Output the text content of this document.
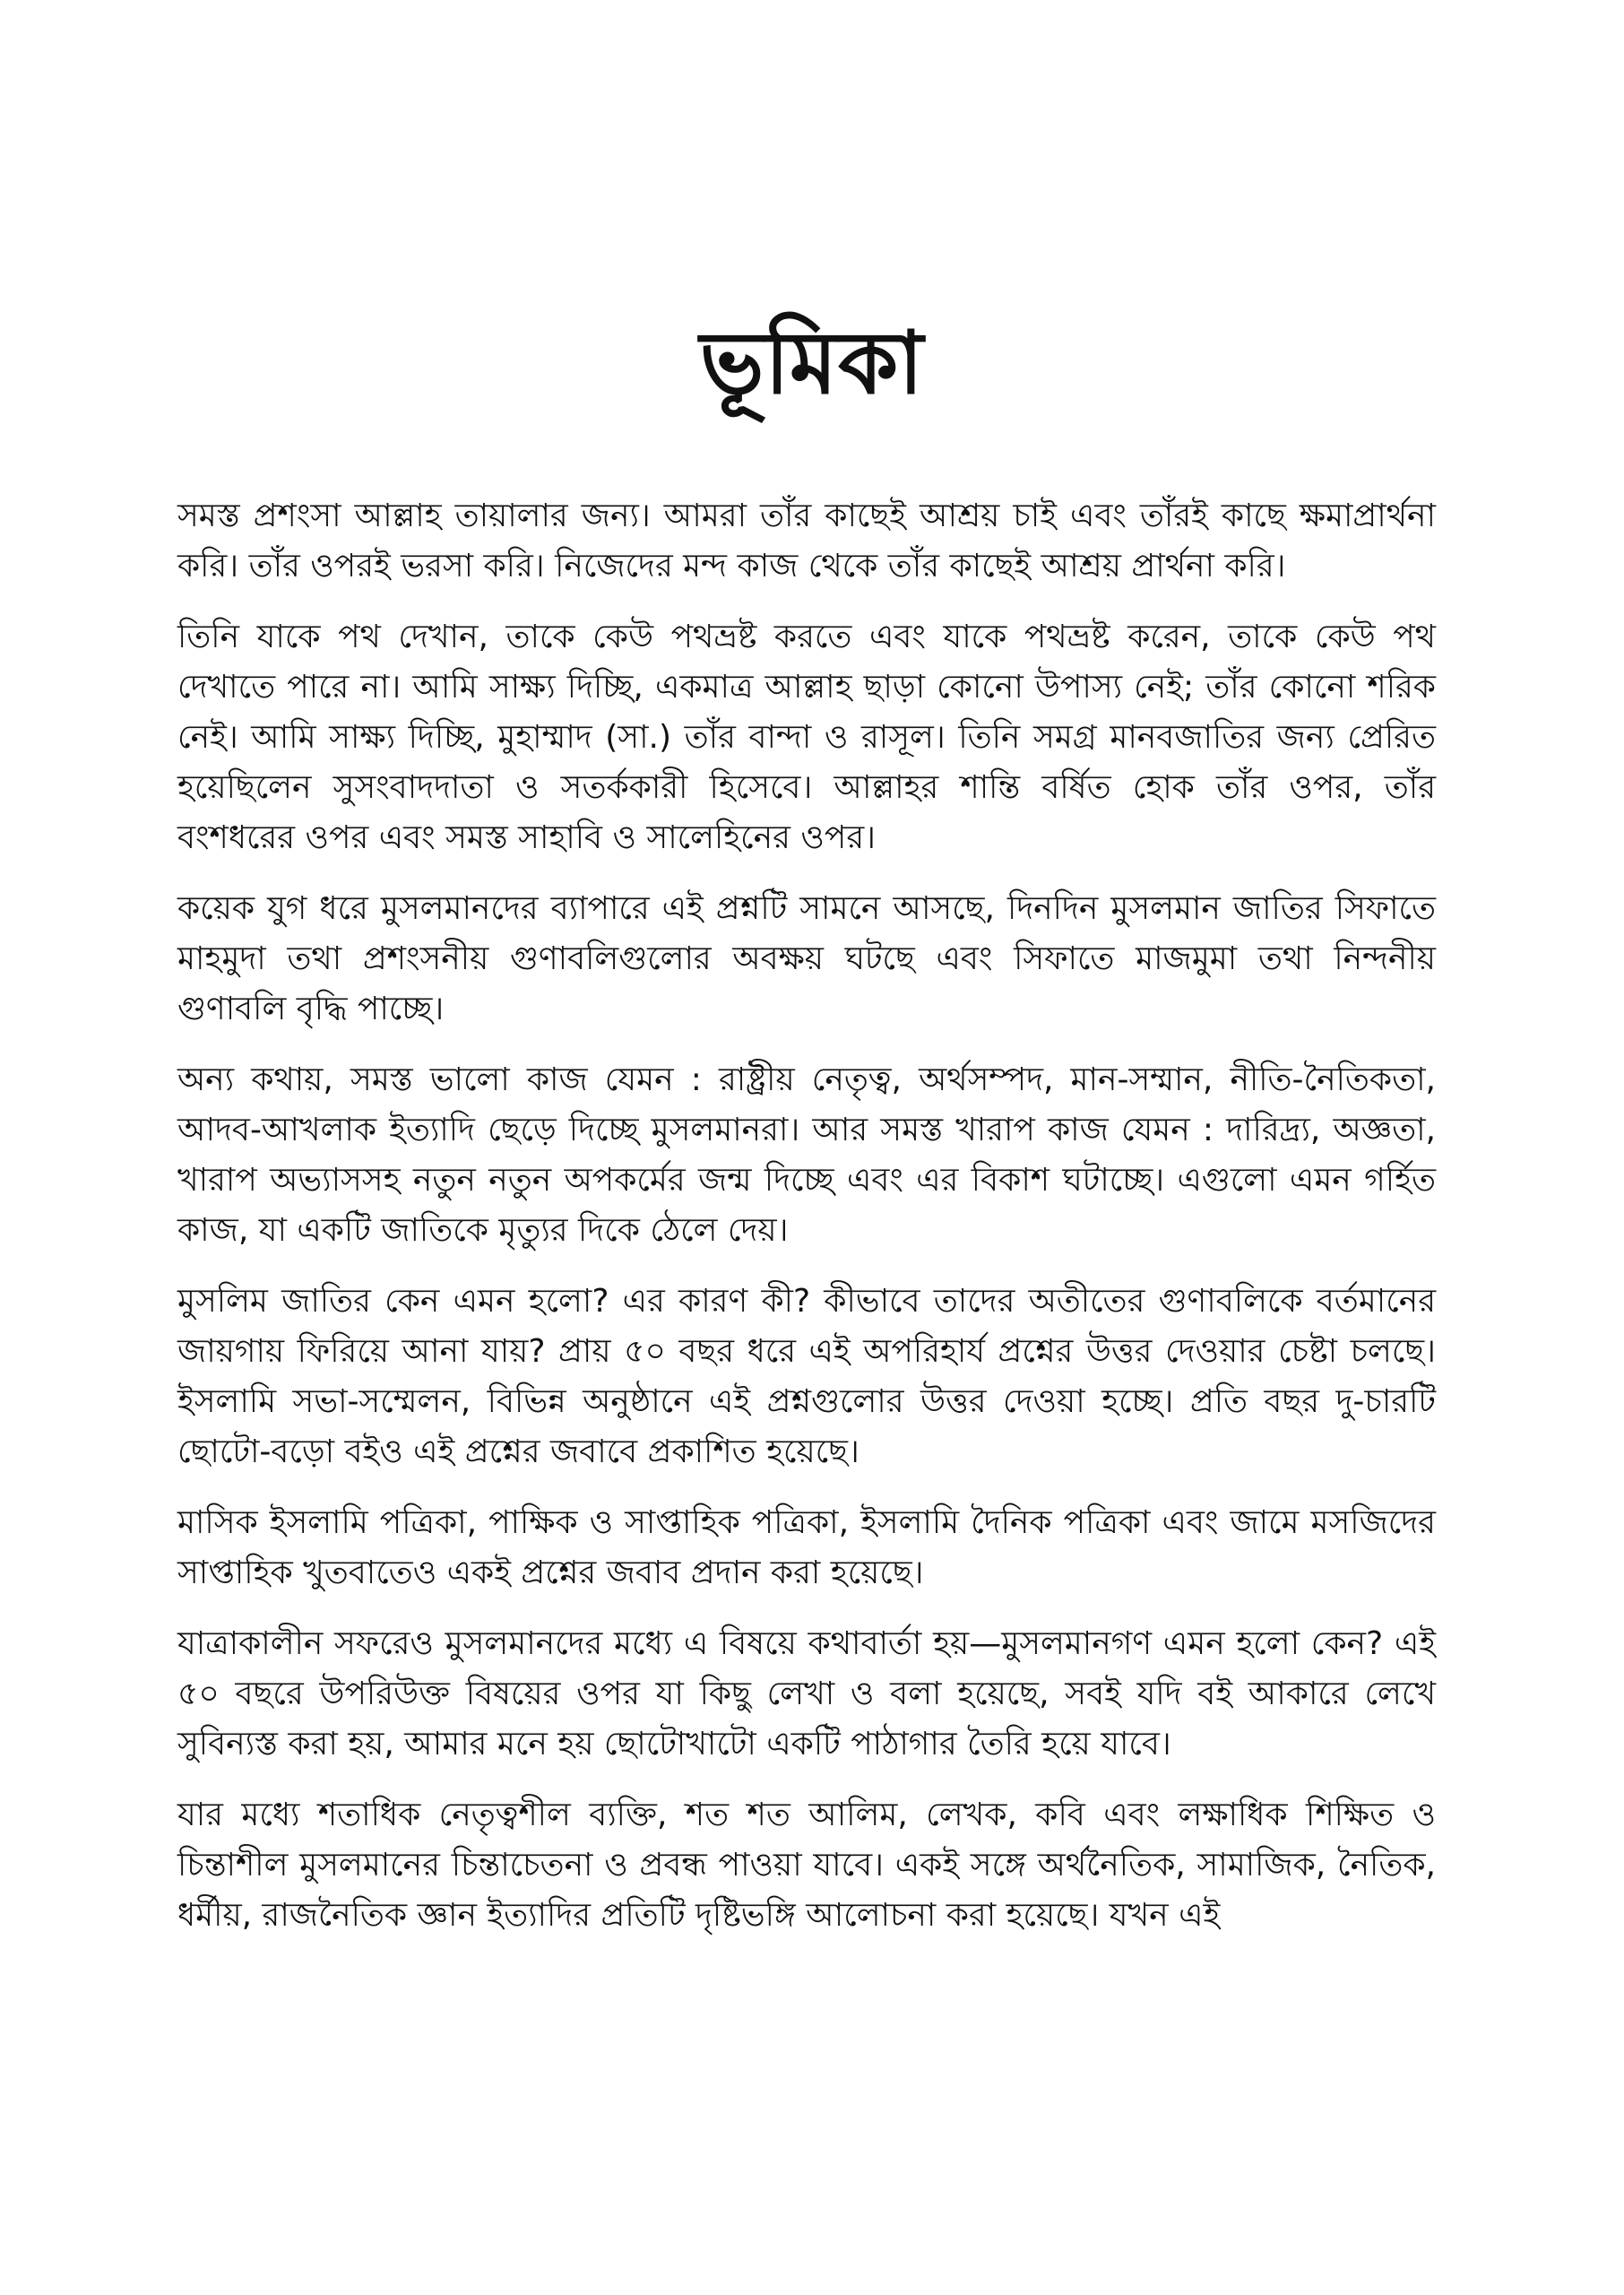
ভূমিকা

সমস্ত প্রশংসা আল্লাহ তায়ালার জন্য। আমরা তাঁর কাছেই আশ্রয় চাই এবং তাঁরই কাছে ক্ষমাপ্রার্থনা করি। তাঁর ওপরই ভরসা করি। নিজেদের মন্দ কাজ থেকে তাঁর কাছেই আশ্রয় প্রার্থনা করি।

তিনি যাকে পথ দেখান, তাকে কেউ পথভ্রষ্ট করতে এবং যাকে পথভ্রষ্ট করেন, তাকে কেউ পথ দেখাতে পারে না। আমি সাক্ষ্য দিচ্ছি, একমাত্র আল্লাহ ছাড়া কোনো উপাস্য নেই; তাঁর কোনো শরিক নেই। আমি সাক্ষ্য দিচ্ছি, মুহাম্মাদ (সা.) তাঁর বান্দা ও রাসূল। তিনি সমগ্র মানবজাতির জন্য প্রেরিত হয়েছিলেন সুসংবাদদাতা ও সতর্ককারী হিসেবে। আল্লাহর শান্তি বর্ষিত হোক তাঁর ওপর, তাঁর বংশধরের ওপর এবং সমস্ত সাহাবি ও সালেহিনের ওপর।

কয়েক যুগ ধরে মুসলমানদের ব্যাপারে এই প্রশ্নটি সামনে আসছে, দিনদিন মুসলমান জাতির সিফাতে মাহমুদা তথা প্রশংসনীয় গুণাবলিগুলোর অবক্ষয় ঘটছে এবং সিফাতে মাজমুমা তথা নিন্দনীয় গুণাবলি বৃদ্ধি পাচ্ছে।

অন্য কথায়, সমস্ত ভালো কাজ যেমন : রাষ্ট্রীয় নেতৃত্ব, অর্থসম্পদ, মান-সম্মান, নীতি-নৈতিকতা, আদব-আখলাক ইত্যাদি ছেড়ে দিচ্ছে মুসলমানরা। আর সমস্ত খারাপ কাজ যেমন : দারিদ্র্য, অজ্ঞতা, খারাপ অভ্যাসসহ নতুন নতুন অপকর্মের জন্ম দিচ্ছে এবং এর বিকাশ ঘটাচ্ছে। এগুলো এমন গর্হিত কাজ, যা একটি জাতিকে মৃত্যুর দিকে ঠেলে দেয়।

মুসলিম জাতির কেন এমন হলো? এর কারণ কী? কীভাবে তাদের অতীতের গুণাবলিকে বর্তমানের জায়গায় ফিরিয়ে আনা যায়? প্রায় ৫০ বছর ধরে এই অপরিহার্য প্রশ্নের উত্তর দেওয়ার চেষ্টা চলছে। ইসলামি সভা-সম্মেলন, বিভিন্ন অনুষ্ঠানে এই প্রশ্নগুলোর উত্তর দেওয়া হচ্ছে। প্রতি বছর দু-চারটি ছোটো-বড়ো বইও এই প্রশ্নের জবাবে প্রকাশিত হয়েছে।

মাসিক ইসলামি পত্রিকা, পাক্ষিক ও সাপ্তাহিক পত্রিকা, ইসলামি দৈনিক পত্রিকা এবং জামে মসজিদের সাপ্তাহিক খুতবাতেও একই প্রশ্নের জবাব প্রদান করা হয়েছে।

যাত্রাকালীন সফরেও মুসলমানদের মধ্যে এ বিষয়ে কথাবার্তা হয়—মুসলমানগণ এমন হলো কেন? এই ৫০ বছরে উপরিউক্ত বিষয়ের ওপর যা কিছু লেখা ও বলা হয়েছে, সবই যদি বই আকারে লেখে সুবিন্যস্ত করা হয়, আমার মনে হয় ছোটোখাটো একটি পাঠাগার তৈরি হয়ে যাবে।

যার মধ্যে শতাধিক নেতৃত্বশীল ব্যক্তি, শত শত আলিম, লেখক, কবি এবং লক্ষাধিক শিক্ষিত ও চিন্তাশীল মুসলমানের চিন্তাচেতনা ও প্রবন্ধ পাওয়া যাবে। একই সঙ্গে অর্থনৈতিক, সামাজিক, নৈতিক, ধর্মীয়, রাজনৈতিক জ্ঞান ইত্যাদির প্রতিটি দৃষ্টিভঙ্গি আলোচনা করা হয়েছে। যখন এই
